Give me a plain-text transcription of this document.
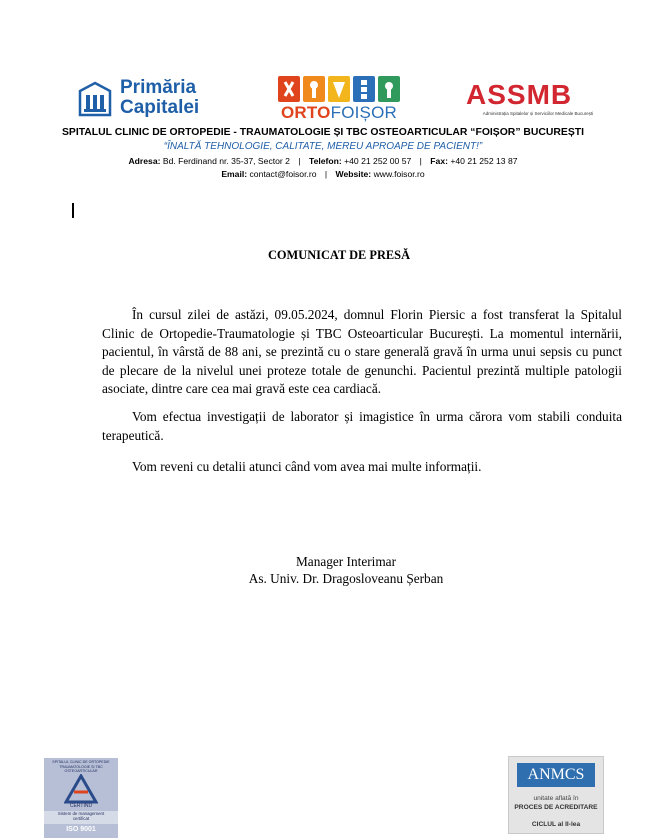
Primăria
Capitalei	ORTOFOIȘOR
ASSMB
Administrația Spitalelor și Serviciilor Medicale București
SPITALUL CLINIC DE ORTOPEDIE - TRAUMATOLOGIE ȘI TBC OSTEOARTICULAR “FOIȘOR” BUCUREȘTI
“ÎNALTĂ TEHNOLOGIE, CALITATE, MEREU APROAPE DE PACIENT!”
Adresa: Bd. Ferdinand nr. 35-37, Sector 2 | Telefon: +40 21 252 00 57 | Fax: +40 21 252 13 87
Email: contact@foisor.ro | Website: www.foisor.ro
COMUNICAT DE PRESĂ
În cursul zilei de astăzi, 09.05.2024, domnul Florin Piersic a fost transferat la Spitalul Clinic de Ortopedie-Traumatologie și TBC Osteoarticular București. La momentul internării, pacientul, în vârstă de 88 ani, se prezintă cu o stare generală gravă în urma unui sepsis cu punct de plecare de la nivelul unei proteze totale de genunchi. Pacientul prezintă multiple patologii asociate, dintre care cea mai gravă este cea cardiacă.
Vom efectua investigații de laborator și imagistice în urma cărora vom stabili conduita terapeutică.
Vom reveni cu detalii atunci când vom avea mai multe informații.
Manager Interimar
As. Univ. Dr. Dragosloveanu Șerban
SPITALUL CLINIC DE ORTOPEDIE TRAUMATOLOGIE ȘI TBC OSTEOARTICULAR
CERTIND
Sistem de management
certificat
ISO 9001
ANMCS
unitate aflată în
PROCES DE ACREDITARE
CICLUL al II-lea
